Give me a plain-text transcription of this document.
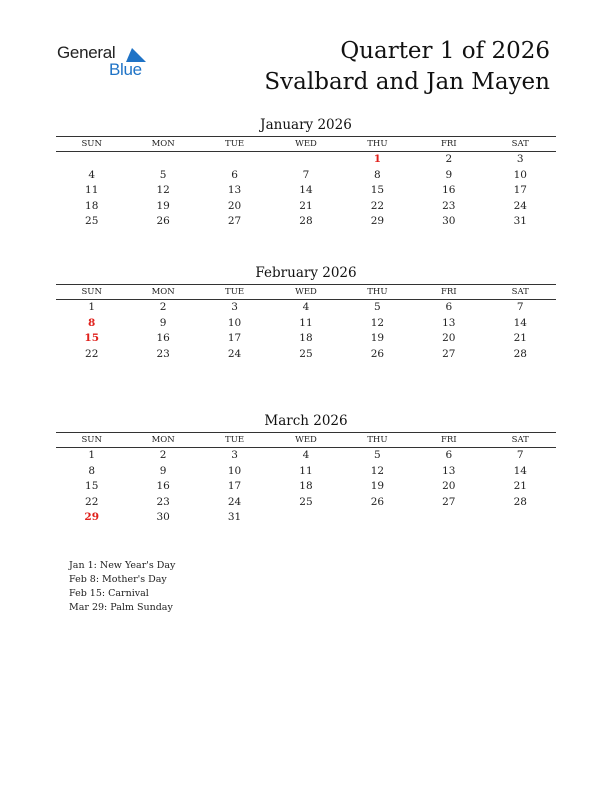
General
Blue
Quarter 1 of 2026
Svalbard and Jan Mayen
January 2026
SUN	MON	TUE	WED	THU	FRI	SAT
				1	2	3
4	5	6	7	8	9	10
11	12	13	14	15	16	17
18	19	20	21	22	23	24
25	26	27	28	29	30	31
February 2026
SUN	MON	TUE	WED	THU	FRI	SAT
1	2	3	4	5	6	7
8	9	10	11	12	13	14
15	16	17	18	19	20	21
22	23	24	25	26	27	28
March 2026
SUN	MON	TUE	WED	THU	FRI	SAT
1	2	3	4	5	6	7
8	9	10	11	12	13	14
15	16	17	18	19	20	21
22	23	24	25	26	27	28
29	30	31				
Jan 1: New Year's Day
Feb 8: Mother's Day
Feb 15: Carnival
Mar 29: Palm Sunday
